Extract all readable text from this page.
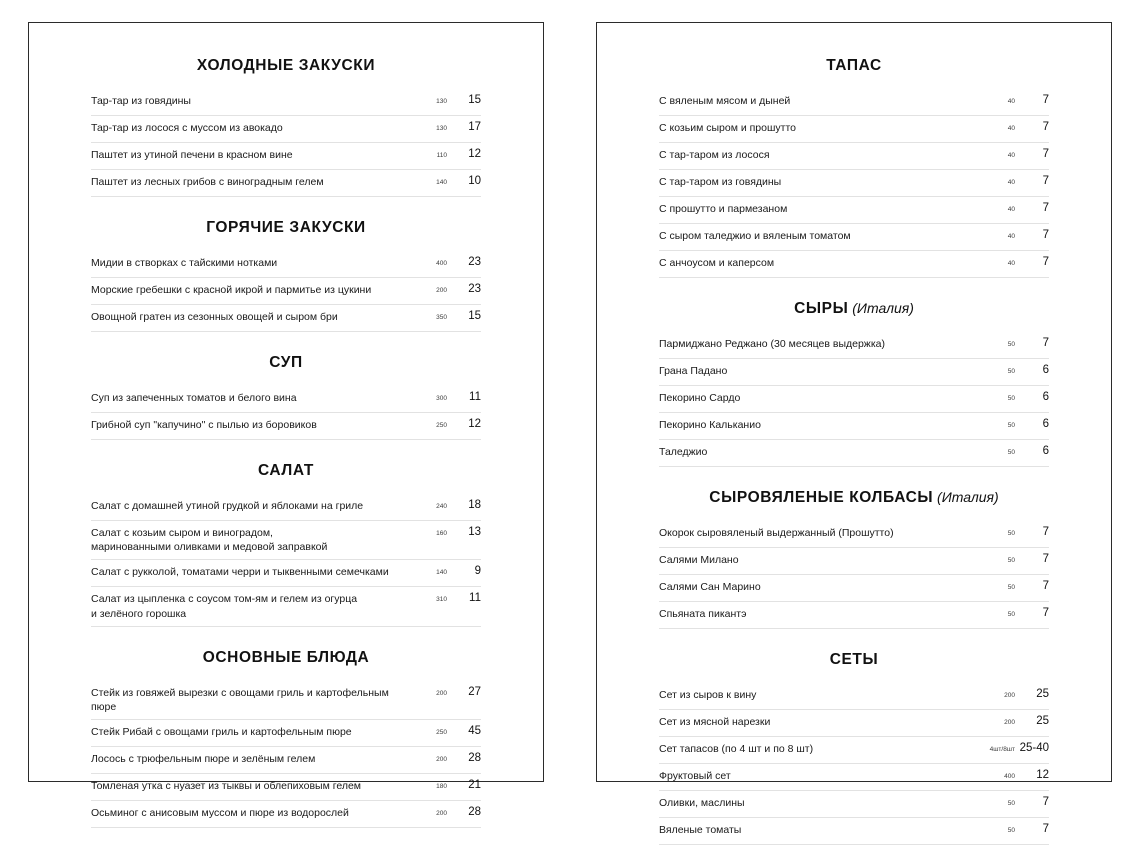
ХОЛОДНЫЕ ЗАКУСКИ
Тар-тар из говядины	130	15
Тар-тар из лосося с муссом из авокадо	130	17
Паштет из утиной печени в красном вине	110	12
Паштет из лесных грибов с виноградным гелем	140	10
ГОРЯЧИЕ ЗАКУСКИ
Мидии в створках с тайскими нотками	400	23
Морские гребешки с красной икрой и пармитье из цукини	200	23
Овощной гратен из сезонных овощей и сыром бри	350	15
СУП
Суп из запеченных томатов и белого вина	300	11
Грибной суп "капучино" с пылью из боровиков	250	12
САЛАТ
Салат с домашней утиной грудкой и яблоками на гриле	240	18
Салат с козьим сыром и виноградом,
маринованными оливками и медовой заправкой
160	13
Салат с рукколой, томатами черри и тыквенными семечками	140	9
Салат из цыпленка с соусом том-ям и гелем из огурца
и зелёного горошка
310	11
ОСНОВНЫЕ БЛЮДА
Стейк из говяжей вырезки с овощами гриль и картофельным пюре
200	27
Стейк Рибай с овощами гриль и картофельным пюре	250	45
Лосось с трюфельным пюре и зелёным гелем	200	28
Томленая утка с нуазет из тыквы и облепиховым гелем	180	21
Осьминог с анисовым муссом и пюре из водорослей	200	28
ТАПАС
С вяленым мясом и дыней	40	7
С козьим сыром и прошутто	40	7
С тар-таром из лосося	40	7
С тар-таром из говядины	40	7
С прошутто и пармезаном	40	7
С сыром таледжио и вяленым томатом	40	7
С анчоусом и каперсом	40	7
СЫРЫ (Италия)
Пармиджано Реджано (30 месяцев выдержка)	50	7
Грана Падано	50	6
Пекорино Сардо	50	6
Пекорино Кальканио	50	6
Таледжио	50	6
СЫРОВЯЛЕНЫЕ КОЛБАСЫ (Италия)
Окорок сыровяленый выдержанный (Прошутто)	50	7
Салями Милано	50	7
Салями Сан Марино	50	7
Спьяната пикантэ	50	7
СЕТЫ
Сет из сыров к вину	200	25
Сет из мясной нарезки	200	25
Сет тапасов (по 4 шт и по 8 шт)	4шт/8шт 25-40
Фруктовый сет	400	12
Оливки, маслины	50	7
Вяленые томаты	50	7
